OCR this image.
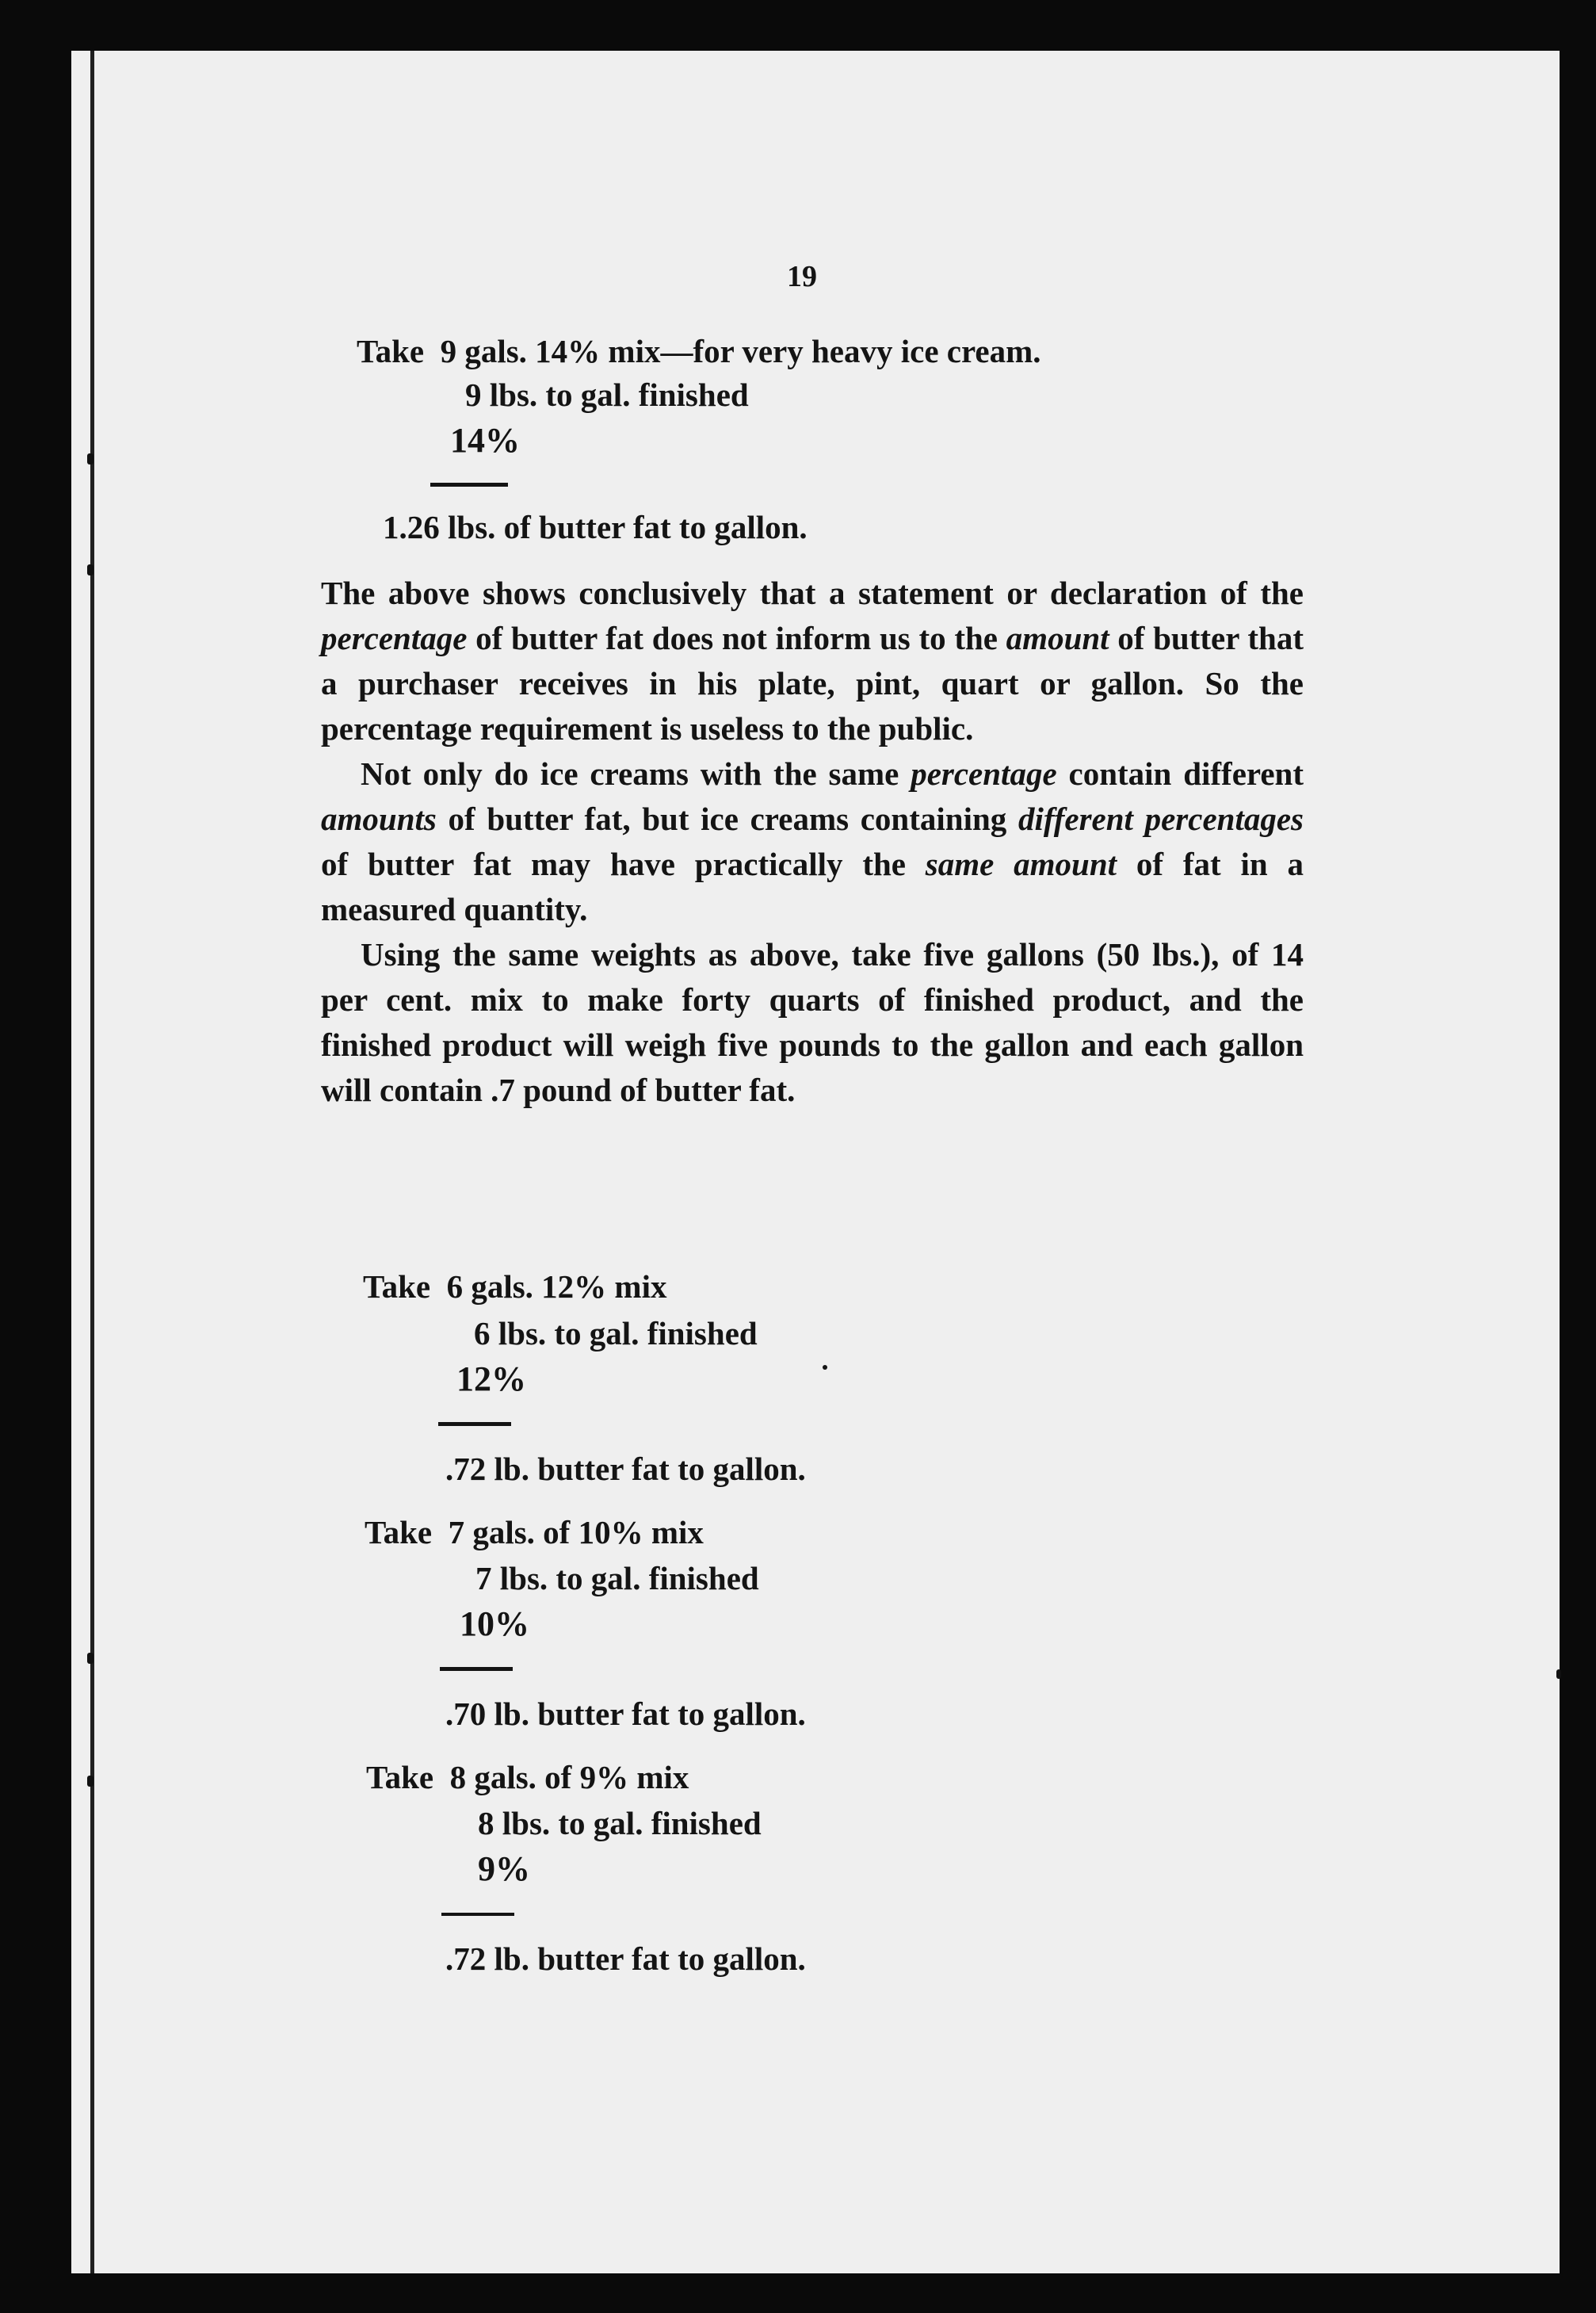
19
Take  9 gals. 14% mix—for very heavy ice cream.
9 lbs. to gal. finished
14%
1.26 lbs. of butter fat to gallon.

The above shows conclusively that a statement or declaration of the percentage of butter fat does not inform us to the amount of butter that a purchaser receives in his plate, pint, quart or gallon. So the percentage requirement is useless to the public.

Not only do ice creams with the same percentage contain different amounts of butter fat, but ice creams containing different percentages of butter fat may have practically the same amount of fat in a measured quantity.

Using the same weights as above, take five gallons (50 lbs.), of 14 per cent. mix to make forty quarts of finished product, and the finished product will weigh five pounds to the gallon and each gallon will contain .7 pound of butter fat.

Take  6 gals. 12% mix
6 lbs. to gal. finished
12%
.72 lb. butter fat to gallon.
Take  7 gals. of 10% mix
7 lbs. to gal. finished
10%
.70 lb. butter fat to gallon.
Take  8 gals. of 9% mix
8 lbs. to gal. finished
9%
.72 lb. butter fat to gallon.
